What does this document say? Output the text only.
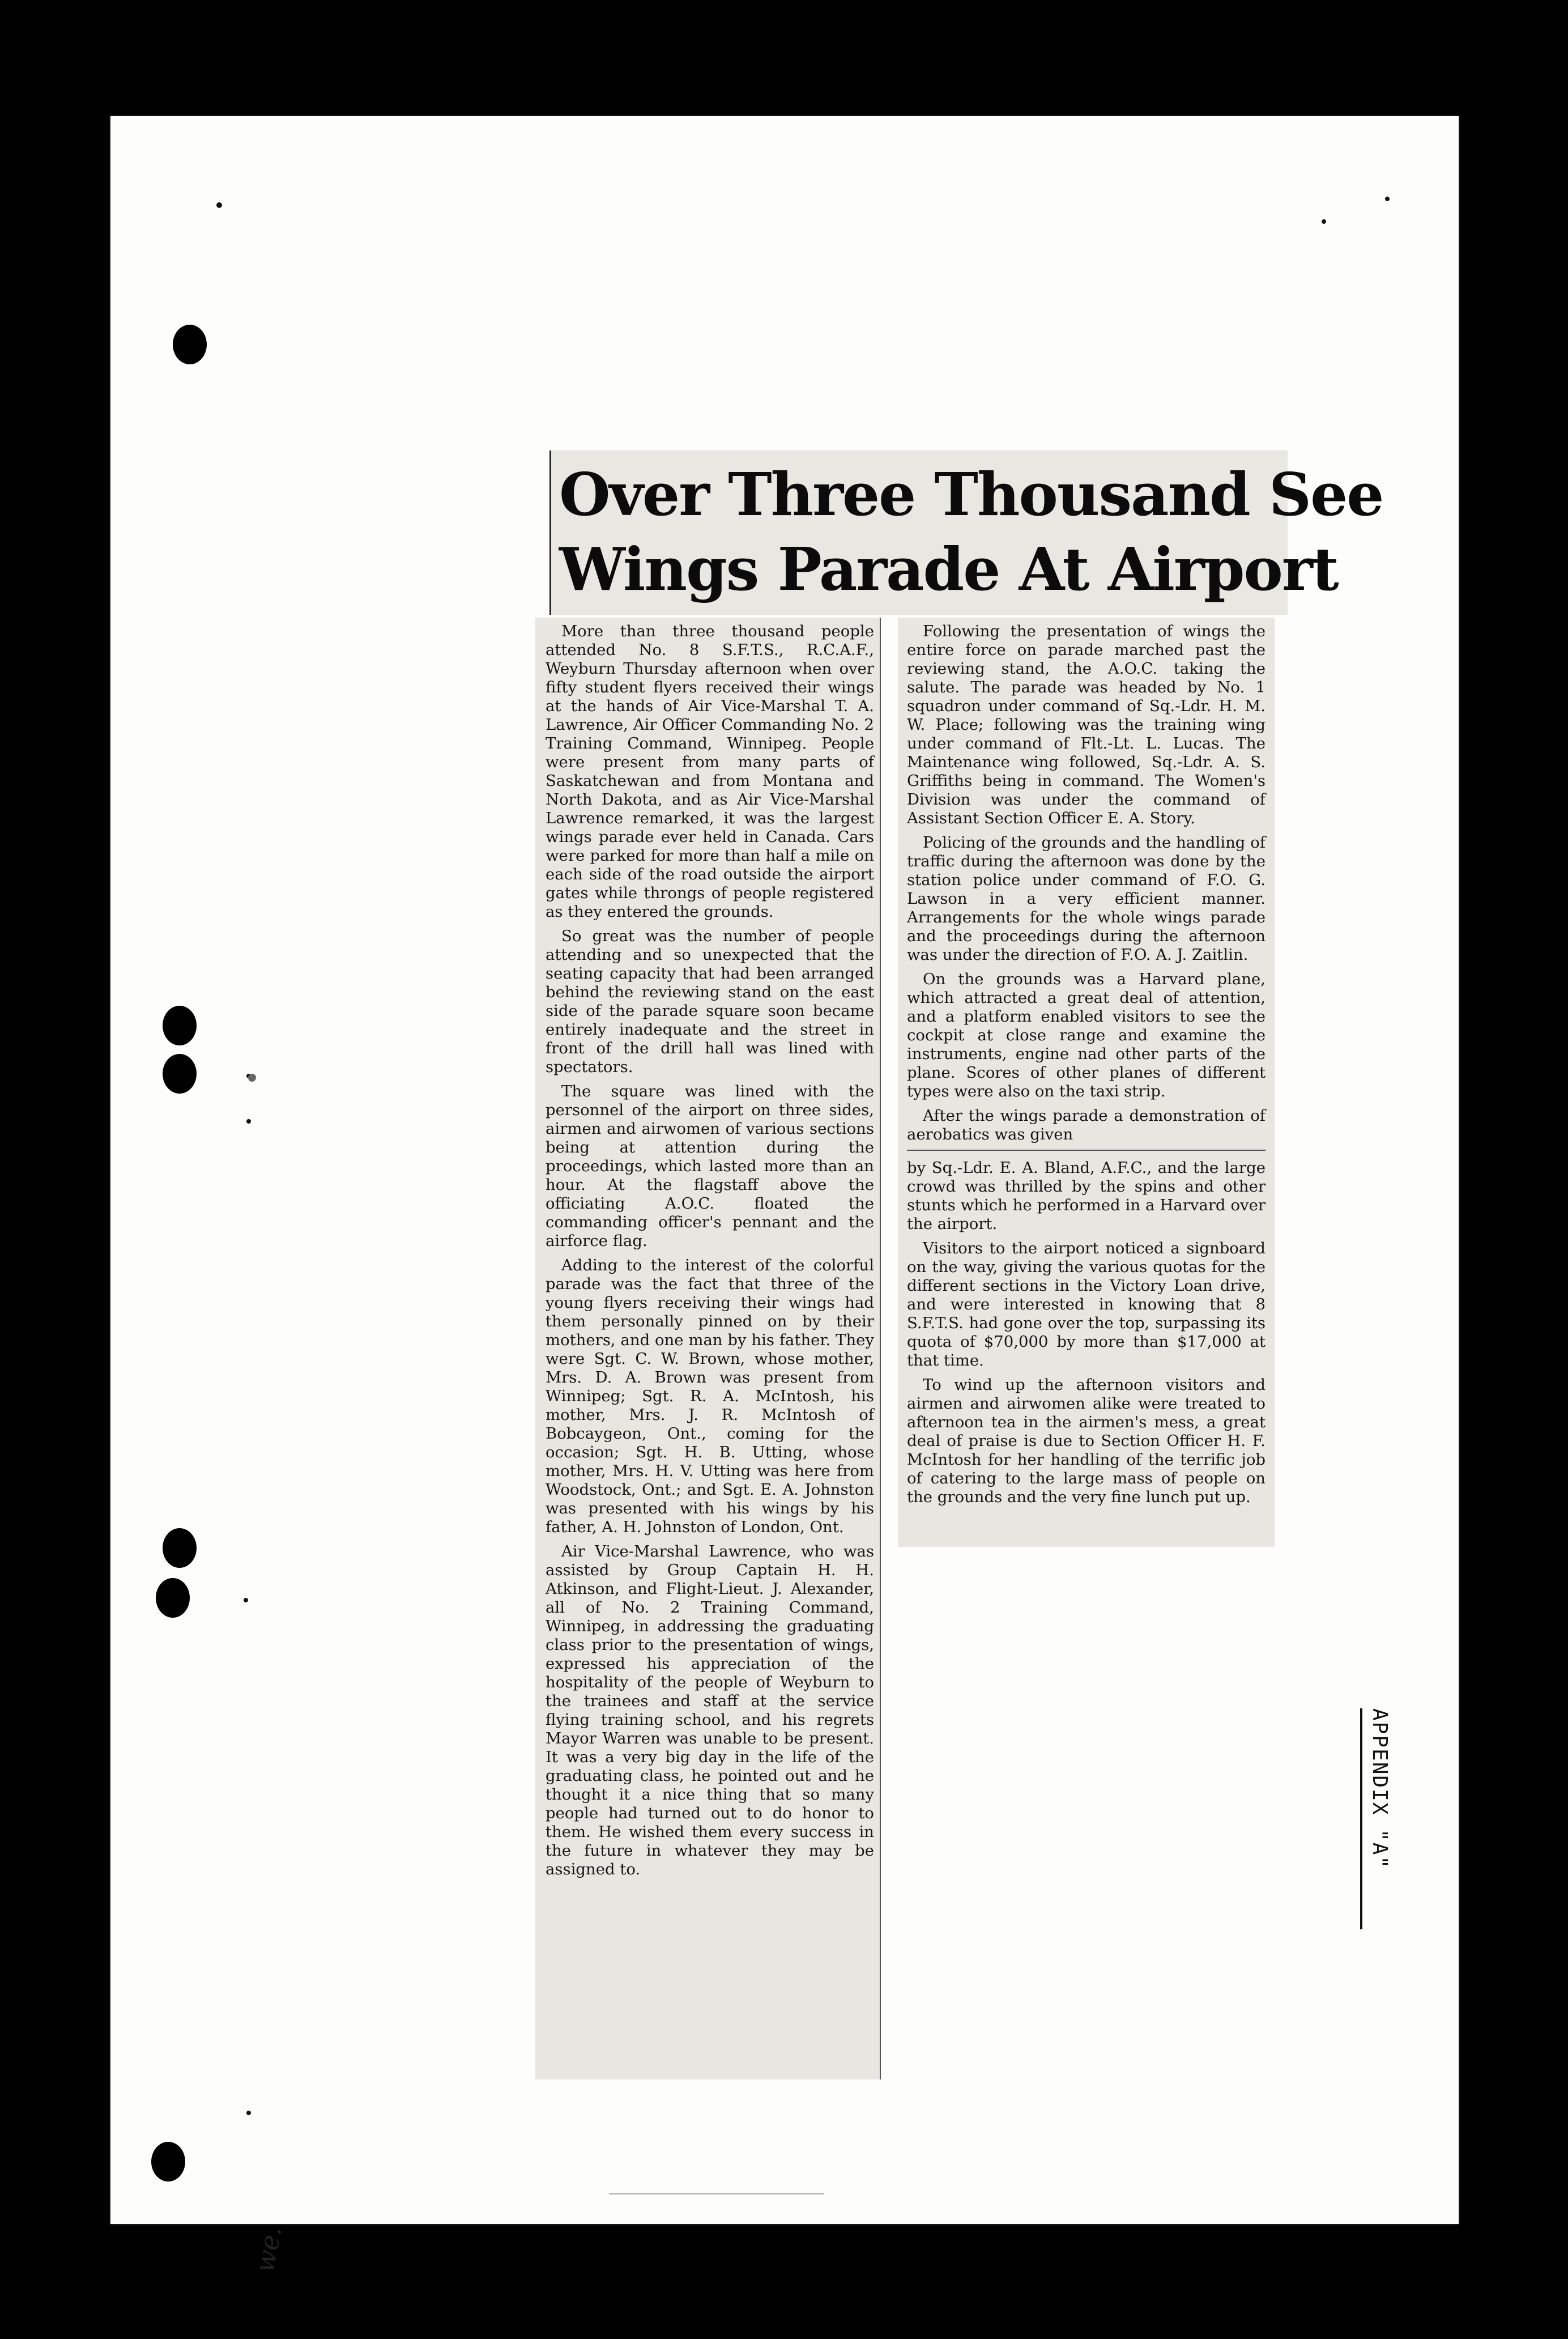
Over Three Thousand See
Wings Parade At Airport

More than three thousand people attended No. 8 S.F.T.S., R.C.A.F., Weyburn Thursday afternoon when over fifty student flyers received their wings at the hands of Air Vice-Marshal T. A. Lawrence, Air Officer Commanding No. 2 Training Command, Winnipeg. People were present from many parts of Saskatchewan and from Montana and North Dakota, and as Air Vice-Marshal Lawrence remarked, it was the largest wings parade ever held in Canada. Cars were parked for more than half a mile on each side of the road outside the airport gates while throngs of people registered as they entered the grounds.

So great was the number of people attending and so unexpected that the seating capacity that had been arranged behind the reviewing stand on the east side of the parade square soon became entirely inadequate and the street in front of the drill hall was lined with spectators.

The square was lined with the personnel of the airport on three sides, airmen and airwomen of various sections being at attention during the proceedings, which lasted more than an hour. At the flagstaff above the officiating A.O.C. floated the commanding officer's pennant and the airforce flag.

Adding to the interest of the colorful parade was the fact that three of the young flyers receiving their wings had them personally pinned on by their mothers, and one man by his father. They were Sgt. C. W. Brown, whose mother, Mrs. D. A. Brown was present from Winnipeg; Sgt. R. A. McIntosh, his mother, Mrs. J. R. McIntosh of Bobcaygeon, Ont., coming for the occasion; Sgt. H. B. Utting, whose mother, Mrs. H. V. Utting was here from Woodstock, Ont.; and Sgt. E. A. Johnston was presented with his wings by his father, A. H. Johnston of London, Ont.

Air Vice-Marshal Lawrence, who was assisted by Group Captain H. H. Atkinson, and Flight-Lieut. J. Alexander, all of No. 2 Training Command, Winnipeg, in addressing the graduating class prior to the presentation of wings, expressed his appreciation of the hospitality of the people of Weyburn to the trainees and staff at the service flying training school, and his regrets Mayor Warren was unable to be present. It was a very big day in the life of the graduating class, he pointed out and he thought it a nice thing that so many people had turned out to do honor to them. He wished them every success in the future in whatever they may be assigned to.

Following the presentation of wings the entire force on parade marched past the reviewing stand, the A.O.C. taking the salute. The parade was headed by No. 1 squadron under command of Sq.-Ldr. H. M. W. Place; following was the training wing under command of Flt.-Lt. L. Lucas. The Maintenance wing followed, Sq.-Ldr. A. S. Griffiths being in command. The Women's Division was under the command of Assistant Section Officer E. A. Story.

Policing of the grounds and the handling of traffic during the afternoon was done by the station police under command of F.O. G. Lawson in a very efficient manner. Arrangements for the whole wings parade and the proceedings during the afternoon was under the direction of F.O. A. J. Zaitlin.

On the grounds was a Harvard plane, which attracted a great deal of attention, and a platform enabled visitors to see the cockpit at close range and examine the instruments, engine nad other parts of the plane. Scores of other planes of different types were also on the taxi strip.

After the wings parade a demonstration of aerobatics was given

by Sq.-Ldr. E. A. Bland, A.F.C., and the large crowd was thrilled by the spins and other stunts which he performed in a Harvard over the airport.

Visitors to the airport noticed a signboard on the way, giving the various quotas for the different sections in the Victory Loan drive, and were interested in knowing that 8 S.F.T.S. had gone over the top, surpassing its quota of $70,000 by more than $17,000 at that time.

To wind up the afternoon visitors and airmen and airwomen alike were treated to afternoon tea in the airmen's mess, a great deal of praise is due to Section Officer H. F. McIntosh for her handling of the terrific job of catering to the large mass of people on the grounds and the very fine lunch put up.

we.
APPENDIX "A"
